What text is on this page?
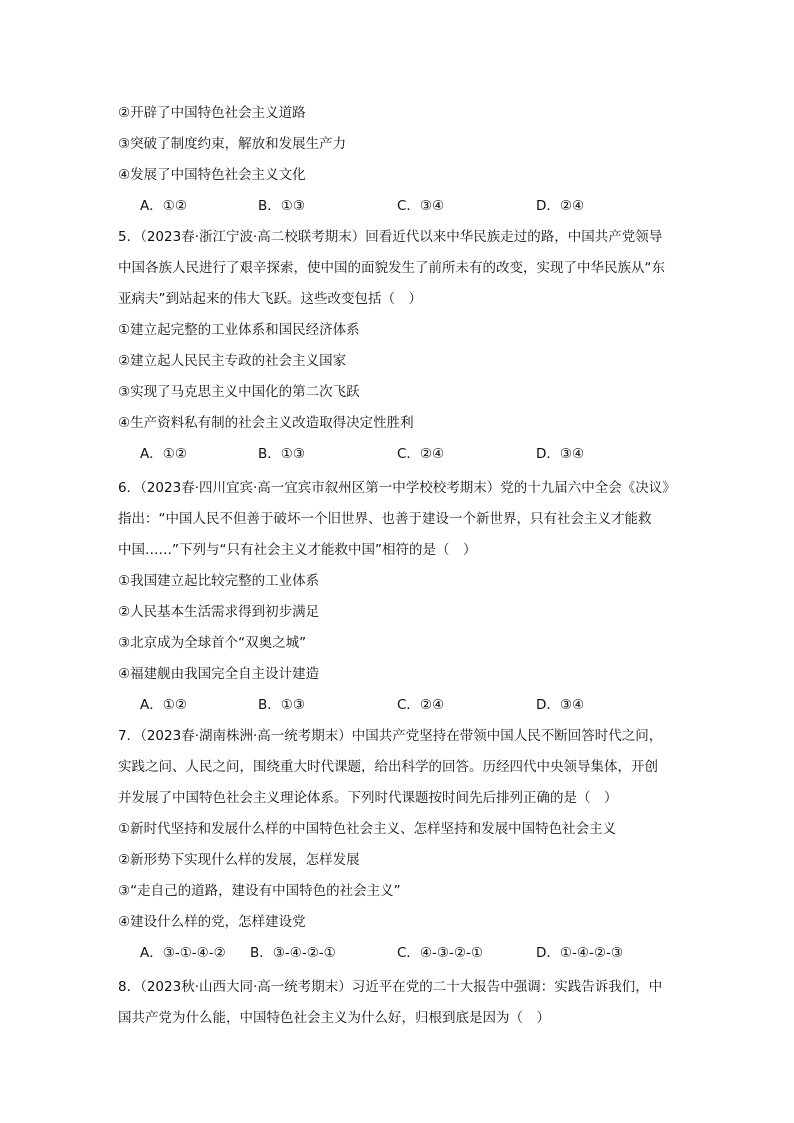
②开辟了中国特色社会主义道路
③突破了制度约束，解放和发展生产力
④发展了中国特色社会主义文化
A．①②	B．①③	C．③④	D．②④
5．（2023春·浙江宁波·高二校联考期末）回看近代以来中华民族走过的路，中国共产党领导
中国各族人民进行了艰辛探索，使中国的面貌发生了前所未有的改变，实现了中华民族从“东
亚病夫”到站起来的伟大飞跃。这些改变包括（　）
①建立起完整的工业体系和国民经济体系
②建立起人民民主专政的社会主义国家
③实现了马克思主义中国化的第二次飞跃
④生产资料私有制的社会主义改造取得决定性胜利
A．①②	B．①③	C．②④	D．③④
6．（2023春·四川宜宾·高一宜宾市叙州区第一中学校校考期末）党的十九届六中全会《决议》
指出：“中国人民不但善于破坏一个旧世界、也善于建设一个新世界，只有社会主义才能救
中国……”下列与“只有社会主义才能救中国”相符的是（　）
①我国建立起比较完整的工业体系
②人民基本生活需求得到初步满足
③北京成为全球首个“双奥之城”
④福建舰由我国完全自主设计建造
A．①②	B．①③	C．②④	D．③④
7．（2023春·湖南株洲·高一统考期末）中国共产党坚持在带领中国人民不断回答时代之问，
实践之问、人民之问，围绕重大时代课题，给出科学的回答。历经四代中央领导集体，开创
并发展了中国特色社会主义理论体系。下列时代课题按时间先后排列正确的是（　）
①新时代坚持和发展什么样的中国特色社会主义、怎样坚持和发展中国特色社会主义
②新形势下实现什么样的发展，怎样发展
③“走自己的道路，建设有中国特色的社会主义”
④建设什么样的党，怎样建设党
A．③-①-④-② B．③-④-②-①	C．④-③-②-①	D．①-④-②-③
8．（2023秋·山西大同·高一统考期末）习近平在党的二十大报告中强调：实践告诉我们，中
国共产党为什么能，中国特色社会主义为什么好，归根到底是因为（　）
